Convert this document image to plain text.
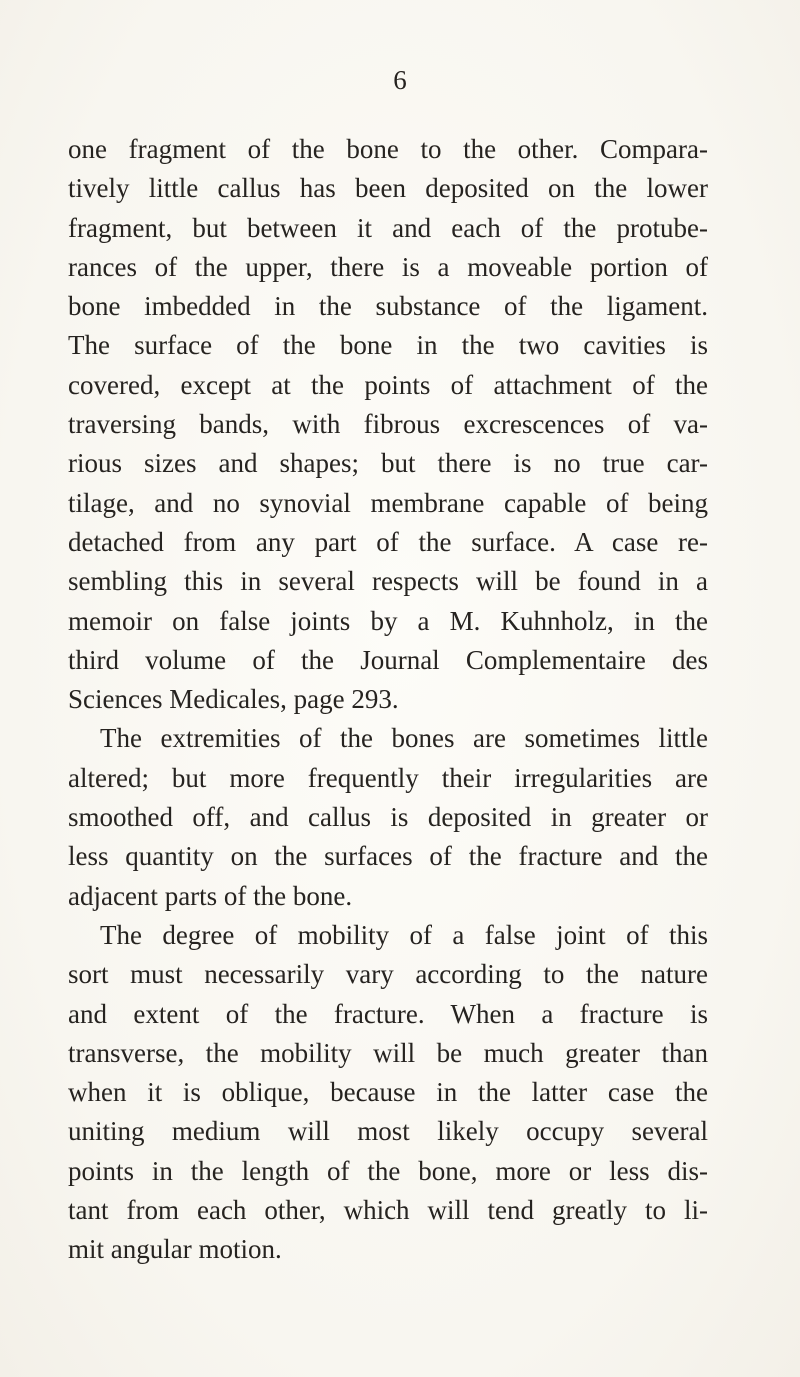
6
one fragment of the bone to the other. Compara-
tively little callus has been deposited on the lower
fragment, but between it and each of the protube-
rances of the upper, there is a moveable portion of
bone imbedded in the substance of the ligament.
The surface of the bone in the two cavities is
covered, except at the points of attachment of the
traversing bands, with fibrous excrescences of va-
rious sizes and shapes; but there is no true car-
tilage, and no synovial membrane capable of being
detached from any part of the surface. A case re-
sembling this in several respects will be found in a
memoir on false joints by a M. Kuhnholz, in the
third volume of the Journal Complementaire des
Sciences Medicales, page 293.
The extremities of the bones are sometimes little
altered; but more frequently their irregularities are
smoothed off, and callus is deposited in greater or
less quantity on the surfaces of the fracture and the
adjacent parts of the bone.
The degree of mobility of a false joint of this
sort must necessarily vary according to the nature
and extent of the fracture. When a fracture is
transverse, the mobility will be much greater than
when it is oblique, because in the latter case the
uniting medium will most likely occupy several
points in the length of the bone, more or less dis-
tant from each other, which will tend greatly to li-
mit angular motion.
